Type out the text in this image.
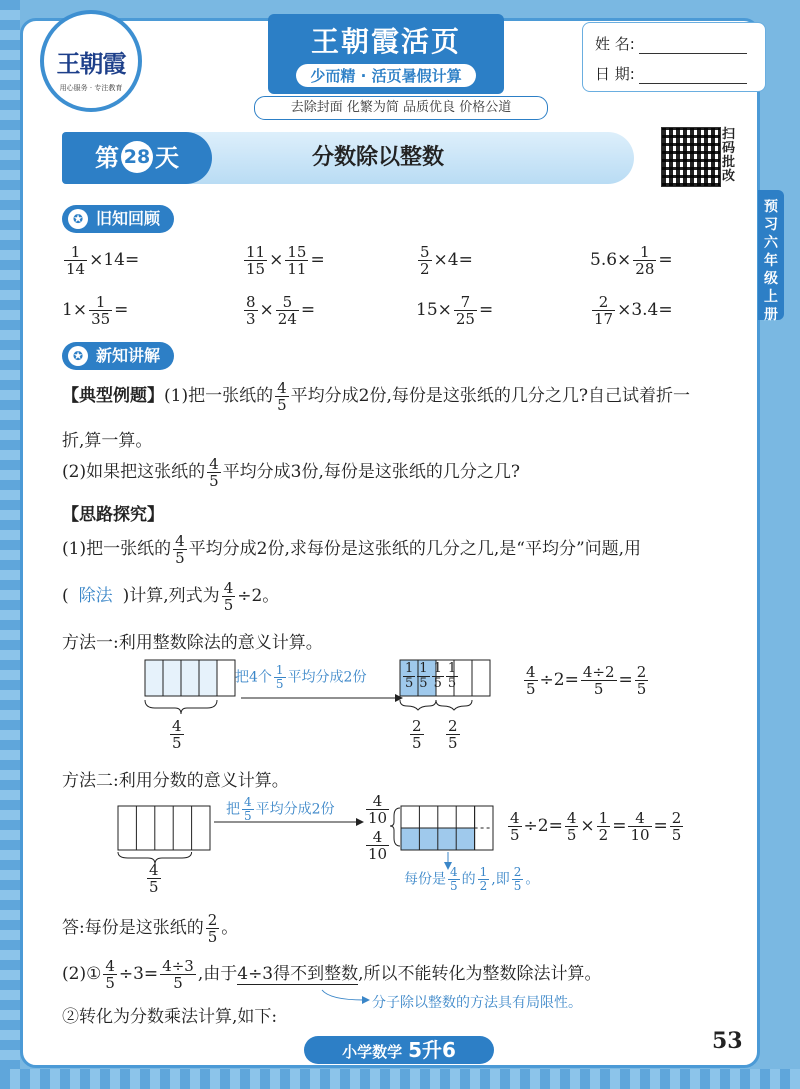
王朝霞
用心服务 · 专注教育
王朝霞活页
少而精 · 活页暑假计算
去除封面 化繁为简 品质优良 价格公道
姓 名:
日 期:
第 28 天	分数除以整数
扫码批改
预习六年级上册
✪ 旧知回顾
$\frac{1}{14} \times 14=$	$\frac{11}{15} \times \frac{15}{11}$ =	$\frac{5}{2} \times 4=$	$5.6\times \frac{1}{28}$ =
$1\times \frac{1}{35}$ =	$\frac{8}{3} \times \frac{5}{24}$ =	$15\times \frac{7}{25}$ =	$\frac{2}{17} \times 3.4=$
✪ 新知讲解
【典型例题】(1)把一张纸的 $\frac{4}{5}$ 平均分成2份,每份是这张纸的几分之几?自己试着折一
折,算一算。
(2)如果把这张纸的 $\frac{4}{5}$ 平均分成3份,每份是这张纸的几分之几?
【思路探究】
(1)把一张纸的 $\frac{4}{5}$ 平均分成2份,求每份是这张纸的几分之几,是“平均分”问题,用
( 除法 )计算,列式为 $\frac{4}{5} \div 2$。
方法一:利用整数除法的意义计算。
把4个 $\frac{1}{5}$ 平均分成2份	$\frac{1}{5} \frac{1}{5} \frac{1}{5} \frac{1}{5}$
$\frac{4}{5}$	$\frac{2}{5} \frac{2}{5}$
$\frac{4}{5} \div 2= \frac{4\div 2}{5} = \frac{2}{5}$
方法二:利用分数的意义计算。
把 $\frac{4}{5}$ 平均分成2份 $\frac{4}{10}$
$\frac{4}{10}$
$\frac{4}{5}$
$\frac{4}{5} \div 2= \frac{4}{5} \times \frac{1}{2} = \frac{4}{10} = \frac{2}{5}$
每份是 $\frac{4}{5}$ 的 $\frac{1}{2}$ ,即 $\frac{2}{5}$ 。
答:每份是这张纸的 $\frac{2}{5}$ 。
(2)① $\frac{4}{5} \div 3= \frac{4\div 3}{5}$ ,由于4÷3得不到整数,所以不能转化为整数除法计算。
分子除以整数的方法具有局限性。
②转化为分数乘法计算,如下:
53
小学数学 5升6
